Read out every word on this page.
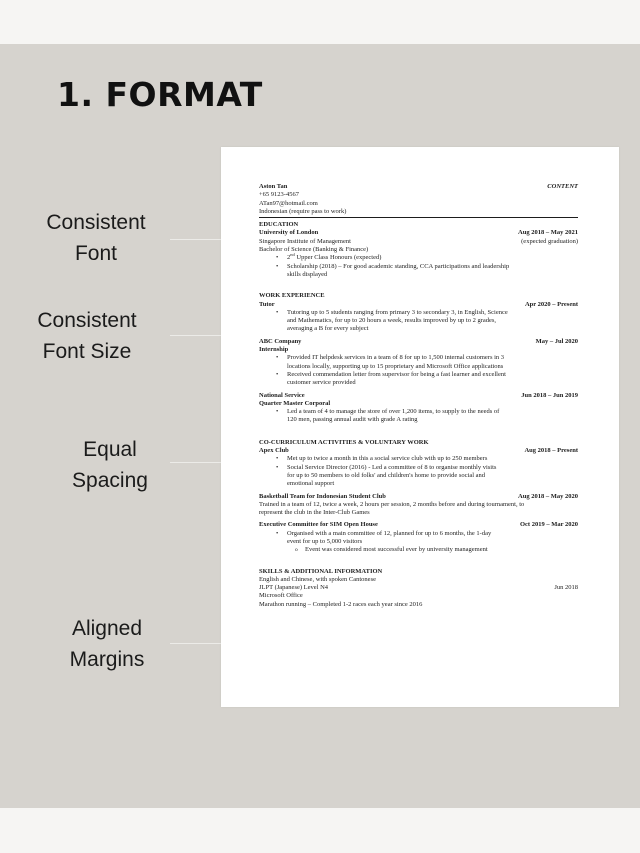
1. FORMAT
Consistent
Font
Consistent
Font Size
Equal
Spacing
Aligned
Margins
Aston Tan	CONTENT
+65 9123-4567
ATan97@hotmail.com
Indonesian (require pass to work)
EDUCATION
University of London	Aug 2018 – May 2021
Singapore Institute of Management	(expected graduation)
Bachelor of Science (Banking & Finance)
• 2nd Upper Class Honours (expected)
• Scholarship (2018) – For good academic standing, CCA participations and leadership
skills displayed
WORK EXPERIENCE
Tutor	Apr 2020 – Present
• Tutoring up to 5 students ranging from primary 3 to secondary 3, in English, Science
and Mathematics, for up to 20 hours a week, results improved by up to 2 grades,
averaging a B for every subject
ABC Company	May – Jul 2020
Internship
• Provided IT helpdesk services in a team of 8 for up to 1,500 internal customers in 3
locations locally, supporting up to 15 proprietary and Microsoft Office applications
• Received commendation letter from supervisor for being a fast learner and excellent
customer service provided
National Service	Jun 2018 – Jun 2019
Quarter Master Corporal
• Led a team of 4 to manage the store of over 1,200 items, to supply to the needs of
120 men, passing annual audit with grade A rating
CO-CURRICULUM ACTIVITIES & VOLUNTARY WORK
Apex Club	Aug 2018 – Present
• Met up to twice a month in this a social service club with up to 250 members
• Social Service Director (2016) - Led a committee of 8 to organise monthly visits
for up to 50 members to old folks' and children's home to provide social and
emotional support
Basketball Team for Indonesian Student Club	Aug 2018 – May 2020
Trained in a team of 12, twice a week, 2 hours per session, 2 months before and during tournament, to
represent the club in the Inter-Club Games
Executive Committee for SIM Open House	Oct 2019 – Mar 2020
• Organised with a main committee of 12, planned for up to 6 months, the 1-day
event for up to 5,000 visitors
o Event was considered most successful ever by university management
SKILLS & ADDITIONAL INFORMATION
English and Chinese, with spoken Cantonese
JLPT (Japanese) Level N4	Jun 2018
Microsoft Office
Marathon running – Completed 1-2 races each year since 2016
